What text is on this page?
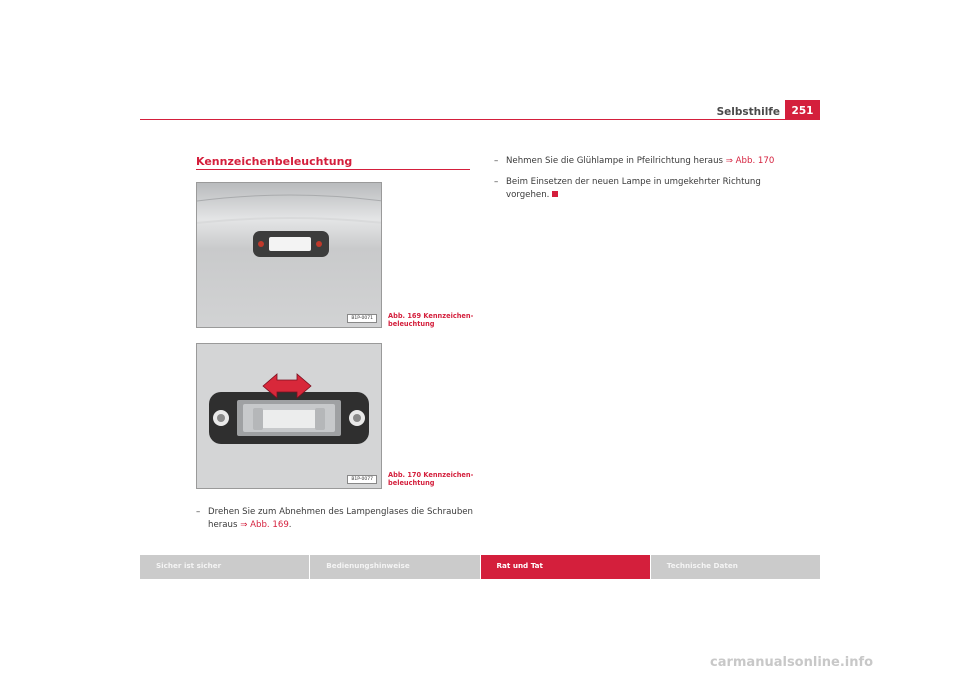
Selbsthilfe	251
Kennzeichenbeleuchtung
B1P-0071	Abb. 169 Kennzeichen-
beleuchtung
B1P-0077
Abb. 170 Kennzeichen-
beleuchtung
– Drehen Sie zum Abnehmen des Lampenglases die Schrauben heraus ⇒ Abb. 169.
– Nehmen Sie die Glühlampe in Pfeilrichtung heraus ⇒ Abb. 170
– Beim Einsetzen der neuen Lampe in umgekehrter Richtung vorgehen.
Sicher ist sicher	Bedienungshinweise	Rat und Tat	Technische Daten
carmanualsonline.info
